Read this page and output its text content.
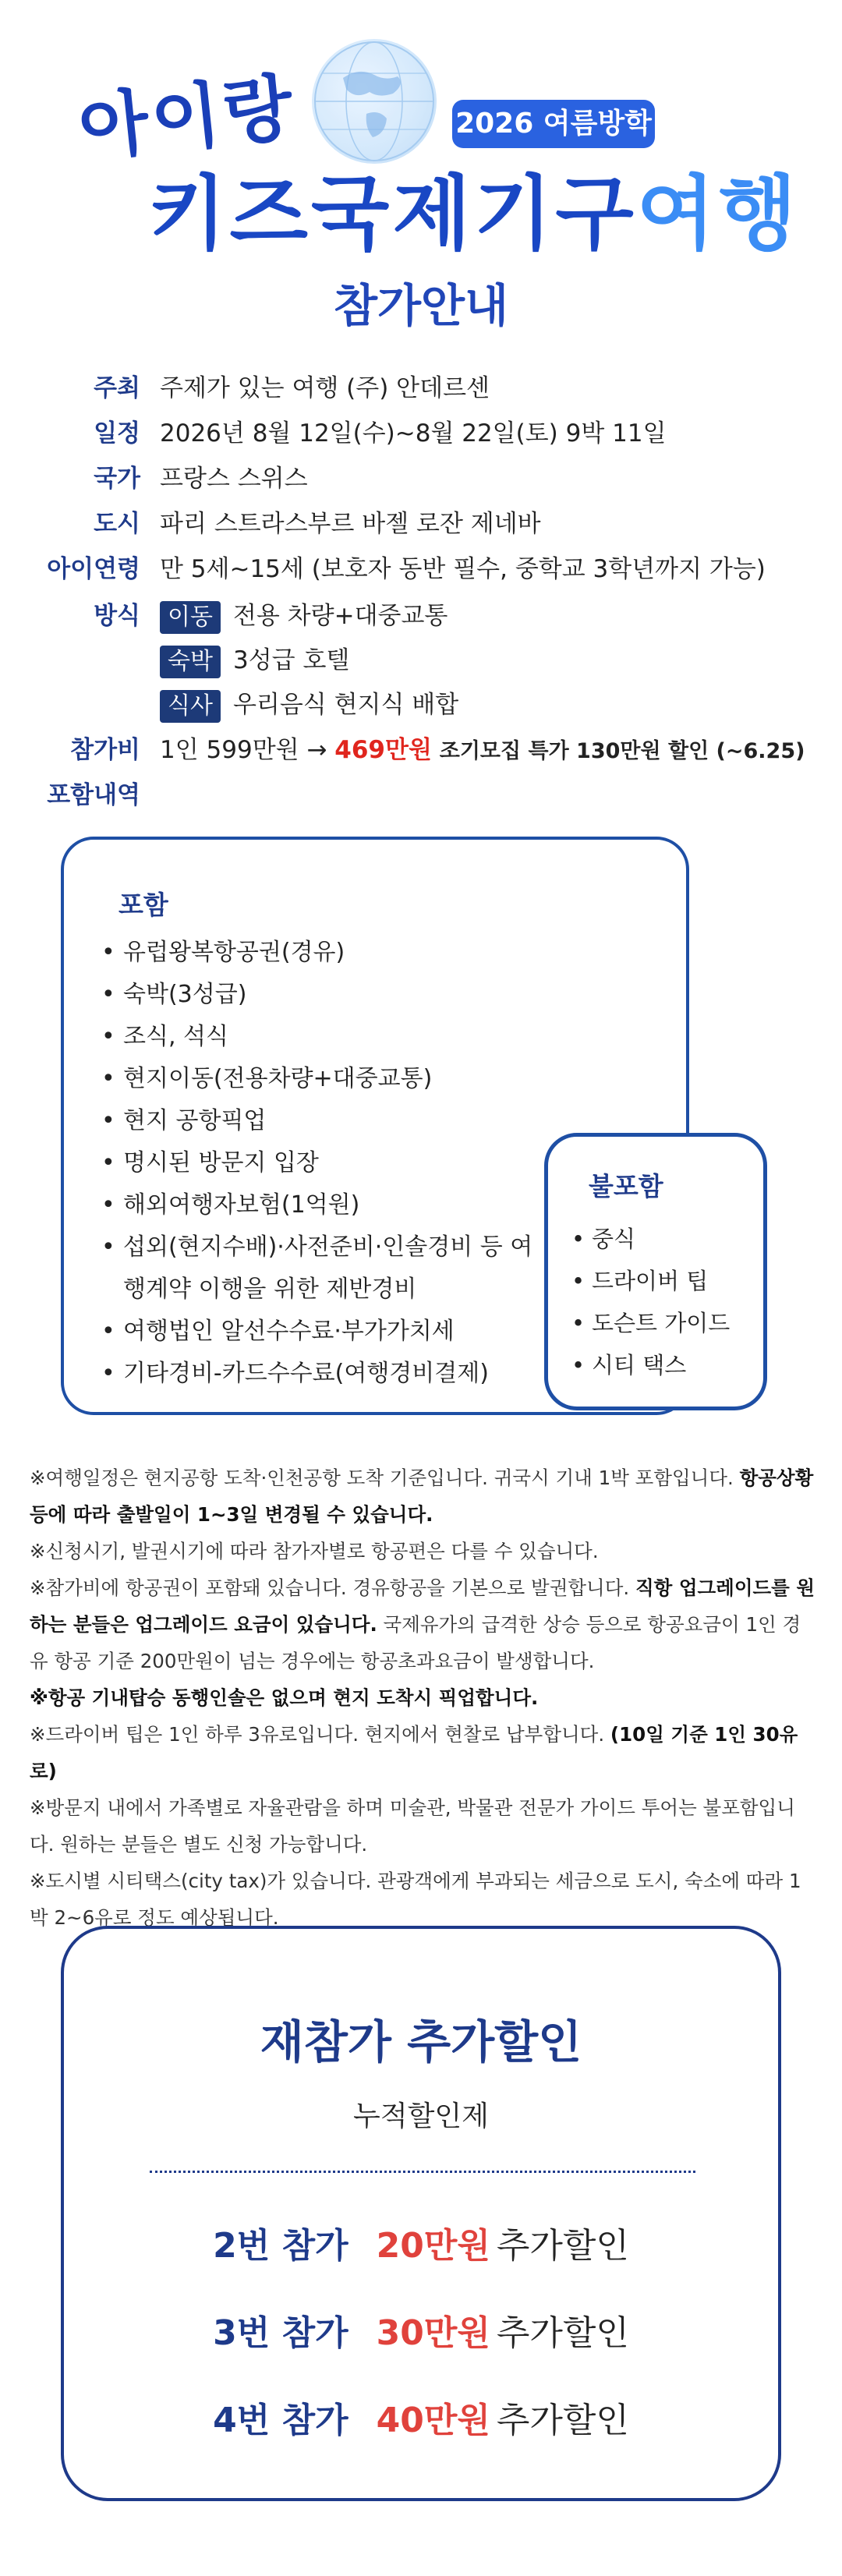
아이랑	2026 여름방학
키즈국제기구여행
참가안내
주최 주제가 있는 여행 (주) 안데르센
일정 2026년 8월 12일(수)~8월 22일(토) 9박 11일
국가 프랑스 스위스
도시 파리 스트라스부르 바젤 로잔 제네바
아이연령 만 5세~15세 (보호자 동반 필수, 중학교 3학년까지 가능)
방식	이동 전용 차량+대중교통
숙박 3성급 호텔
식사 우리음식 현지식 배합
참가비 1인 599만원 → 469만원 조기모집 특가 130만원 할인 (~6.25)
포함내역
포함
• 유럽왕복항공권(경유)
• 숙박(3성급)
• 조식, 석식
• 현지이동(전용차량+대중교통)
• 현지 공항픽업
• 명시된 방문지 입장
• 해외여행자보험(1억원)
• 섭외(현지수배)·사전준비·인솔경비 등 여
행계약 이행을 위한 제반경비
• 여행법인 알선수수료·부가가치세
• 기타경비-카드수수료(여행경비결제)
불포함
• 중식
• 드라이버 팁
• 도슨트 가이드
• 시티 택스

※여행일정은 현지공항 도착·인천공항 도착 기준입니다. 귀국시 기내 1박 포함입니다. 항공상황 등에 따라 출발일이 1~3일 변경될 수 있습니다.

※신청시기, 발권시기에 따라 참가자별로 항공편은 다를 수 있습니다.

※참가비에 항공권이 포함돼 있습니다. 경유항공을 기본으로 발권합니다. 직항 업그레이드를 원하는 분들은 업그레이드 요금이 있습니다. 국제유가의 급격한 상승 등으로 항공요금이 1인 경유 항공 기준 200만원이 넘는 경우에는 항공초과요금이 발생합니다.

※항공 기내탑승 동행인솔은 없으며 현지 도착시 픽업합니다.

※드라이버 팁은 1인 하루 3유로입니다. 현지에서 현찰로 납부합니다. (10일 기준 1인 30유로)

※방문지 내에서 가족별로 자율관람을 하며 미술관, 박물관 전문가 가이드 투어는 불포함입니다. 원하는 분들은 별도 신청 가능합니다.

※도시별 시티택스(city tax)가 있습니다. 관광객에게 부과되는 세금으로 도시, 숙소에 따라 1박 2~6유로 정도 예상됩니다.

재참가 추가할인
누적할인제
2번 참가 20만원 추가할인
3번 참가 30만원 추가할인
4번 참가 40만원 추가할인
